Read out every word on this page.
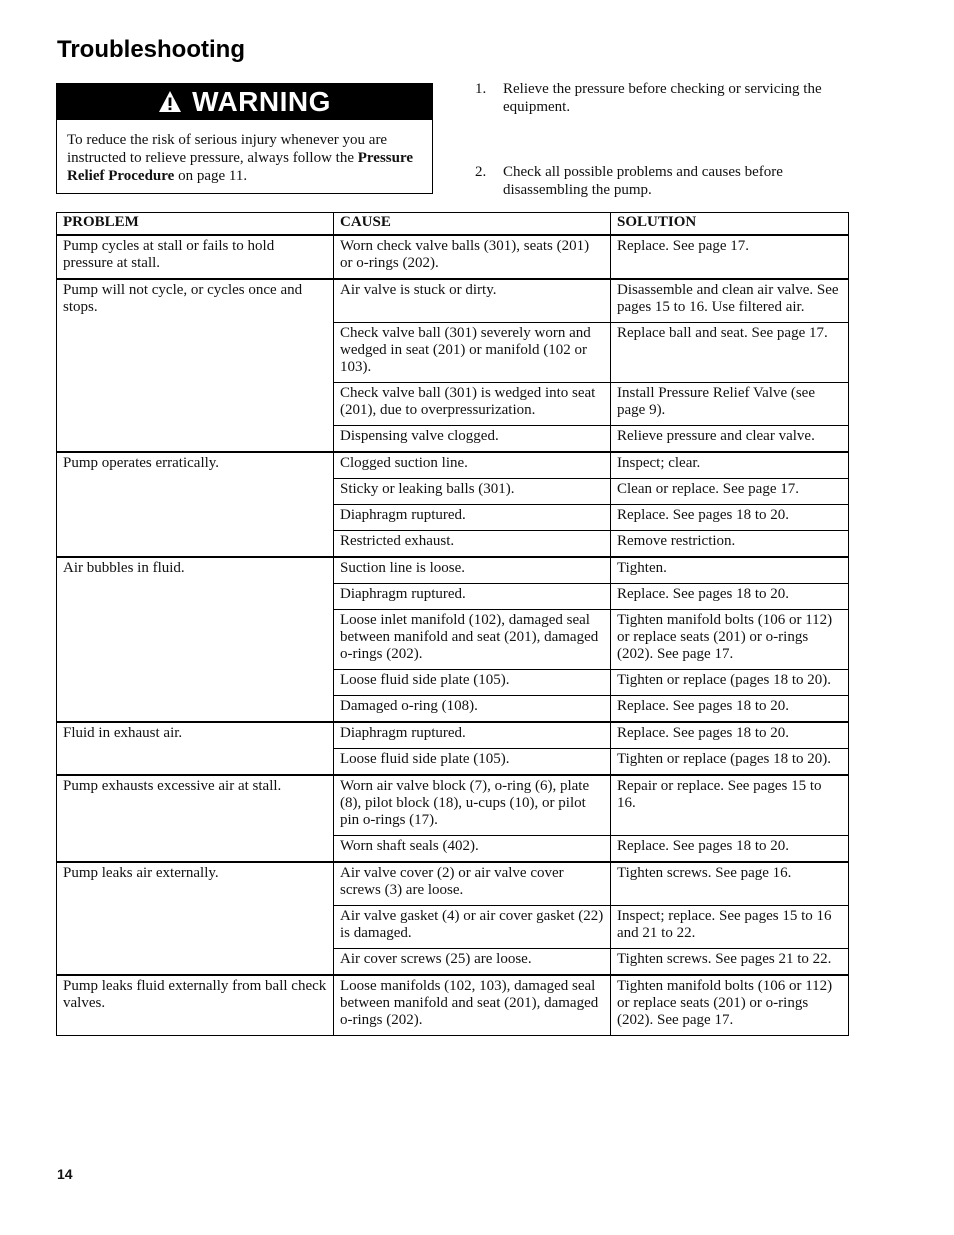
Troubleshooting
WARNING

To reduce the risk of serious injury whenever you are instructed to relieve pressure, always follow the Pressure Relief Procedure on page 11.

1. Relieve the pressure before checking or servicing the equipment.
2. Check all possible problems and causes before disassembling the pump.
PROBLEM	CAUSE	SOLUTION
Pump cycles at stall or fails to hold pressure at stall.	Worn check valve balls (301), seats (201) or o-rings (202).	Replace. See page 17.
Pump will not cycle, or cycles once and stops.	Air valve is stuck or dirty.	Disassemble and clean air valve. See pages 15 to 16. Use filtered air.
	Check valve ball (301) severely worn and wedged in seat (201) or manifold (102 or 103).	Replace ball and seat. See page 17.
	Check valve ball (301) is wedged into seat (201), due to overpressurization.	Install Pressure Relief Valve (see page 9).
	Dispensing valve clogged.	Relieve pressure and clear valve.
Pump operates erratically.	Clogged suction line.	Inspect; clear.
	Sticky or leaking balls (301).	Clean or replace. See page 17.
	Diaphragm ruptured.	Replace. See pages 18 to 20.
	Restricted exhaust.	Remove restriction.
Air bubbles in fluid.	Suction line is loose.	Tighten.
	Diaphragm ruptured.	Replace. See pages 18 to 20.
	Loose inlet manifold (102), damaged seal between manifold and seat (201), damaged o-rings (202).	Tighten manifold bolts (106 or 112) or replace seats (201) or o-rings (202). See page 17.
	Loose fluid side plate (105).	Tighten or replace (pages 18 to 20).
	Damaged o-ring (108).	Replace. See pages 18 to 20.
Fluid in exhaust air.	Diaphragm ruptured.	Replace. See pages 18 to 20.
	Loose fluid side plate (105).	Tighten or replace (pages 18 to 20).
Pump exhausts excessive air at stall.	Worn air valve block (7), o-ring (6), plate (8), pilot block (18), u-cups (10), or pilot pin o-rings (17).	Repair or replace. See pages 15 to 16.
	Worn shaft seals (402).	Replace. See pages 18 to 20.
Pump leaks air externally.	Air valve cover (2) or air valve cover screws (3) are loose.	Tighten screws. See page 16.
	Air valve gasket (4) or air cover gasket (22) is damaged.	Inspect; replace. See pages 15 to 16 and 21 to 22.
	Air cover screws (25) are loose.	Tighten screws. See pages 21 to 22.
Pump leaks fluid externally from ball check valves.	Loose manifolds (102, 103), damaged seal between manifold and seat (201), damaged o-rings (202).	Tighten manifold bolts (106 or 112) or replace seats (201) or o-rings (202). See page 17.
14
